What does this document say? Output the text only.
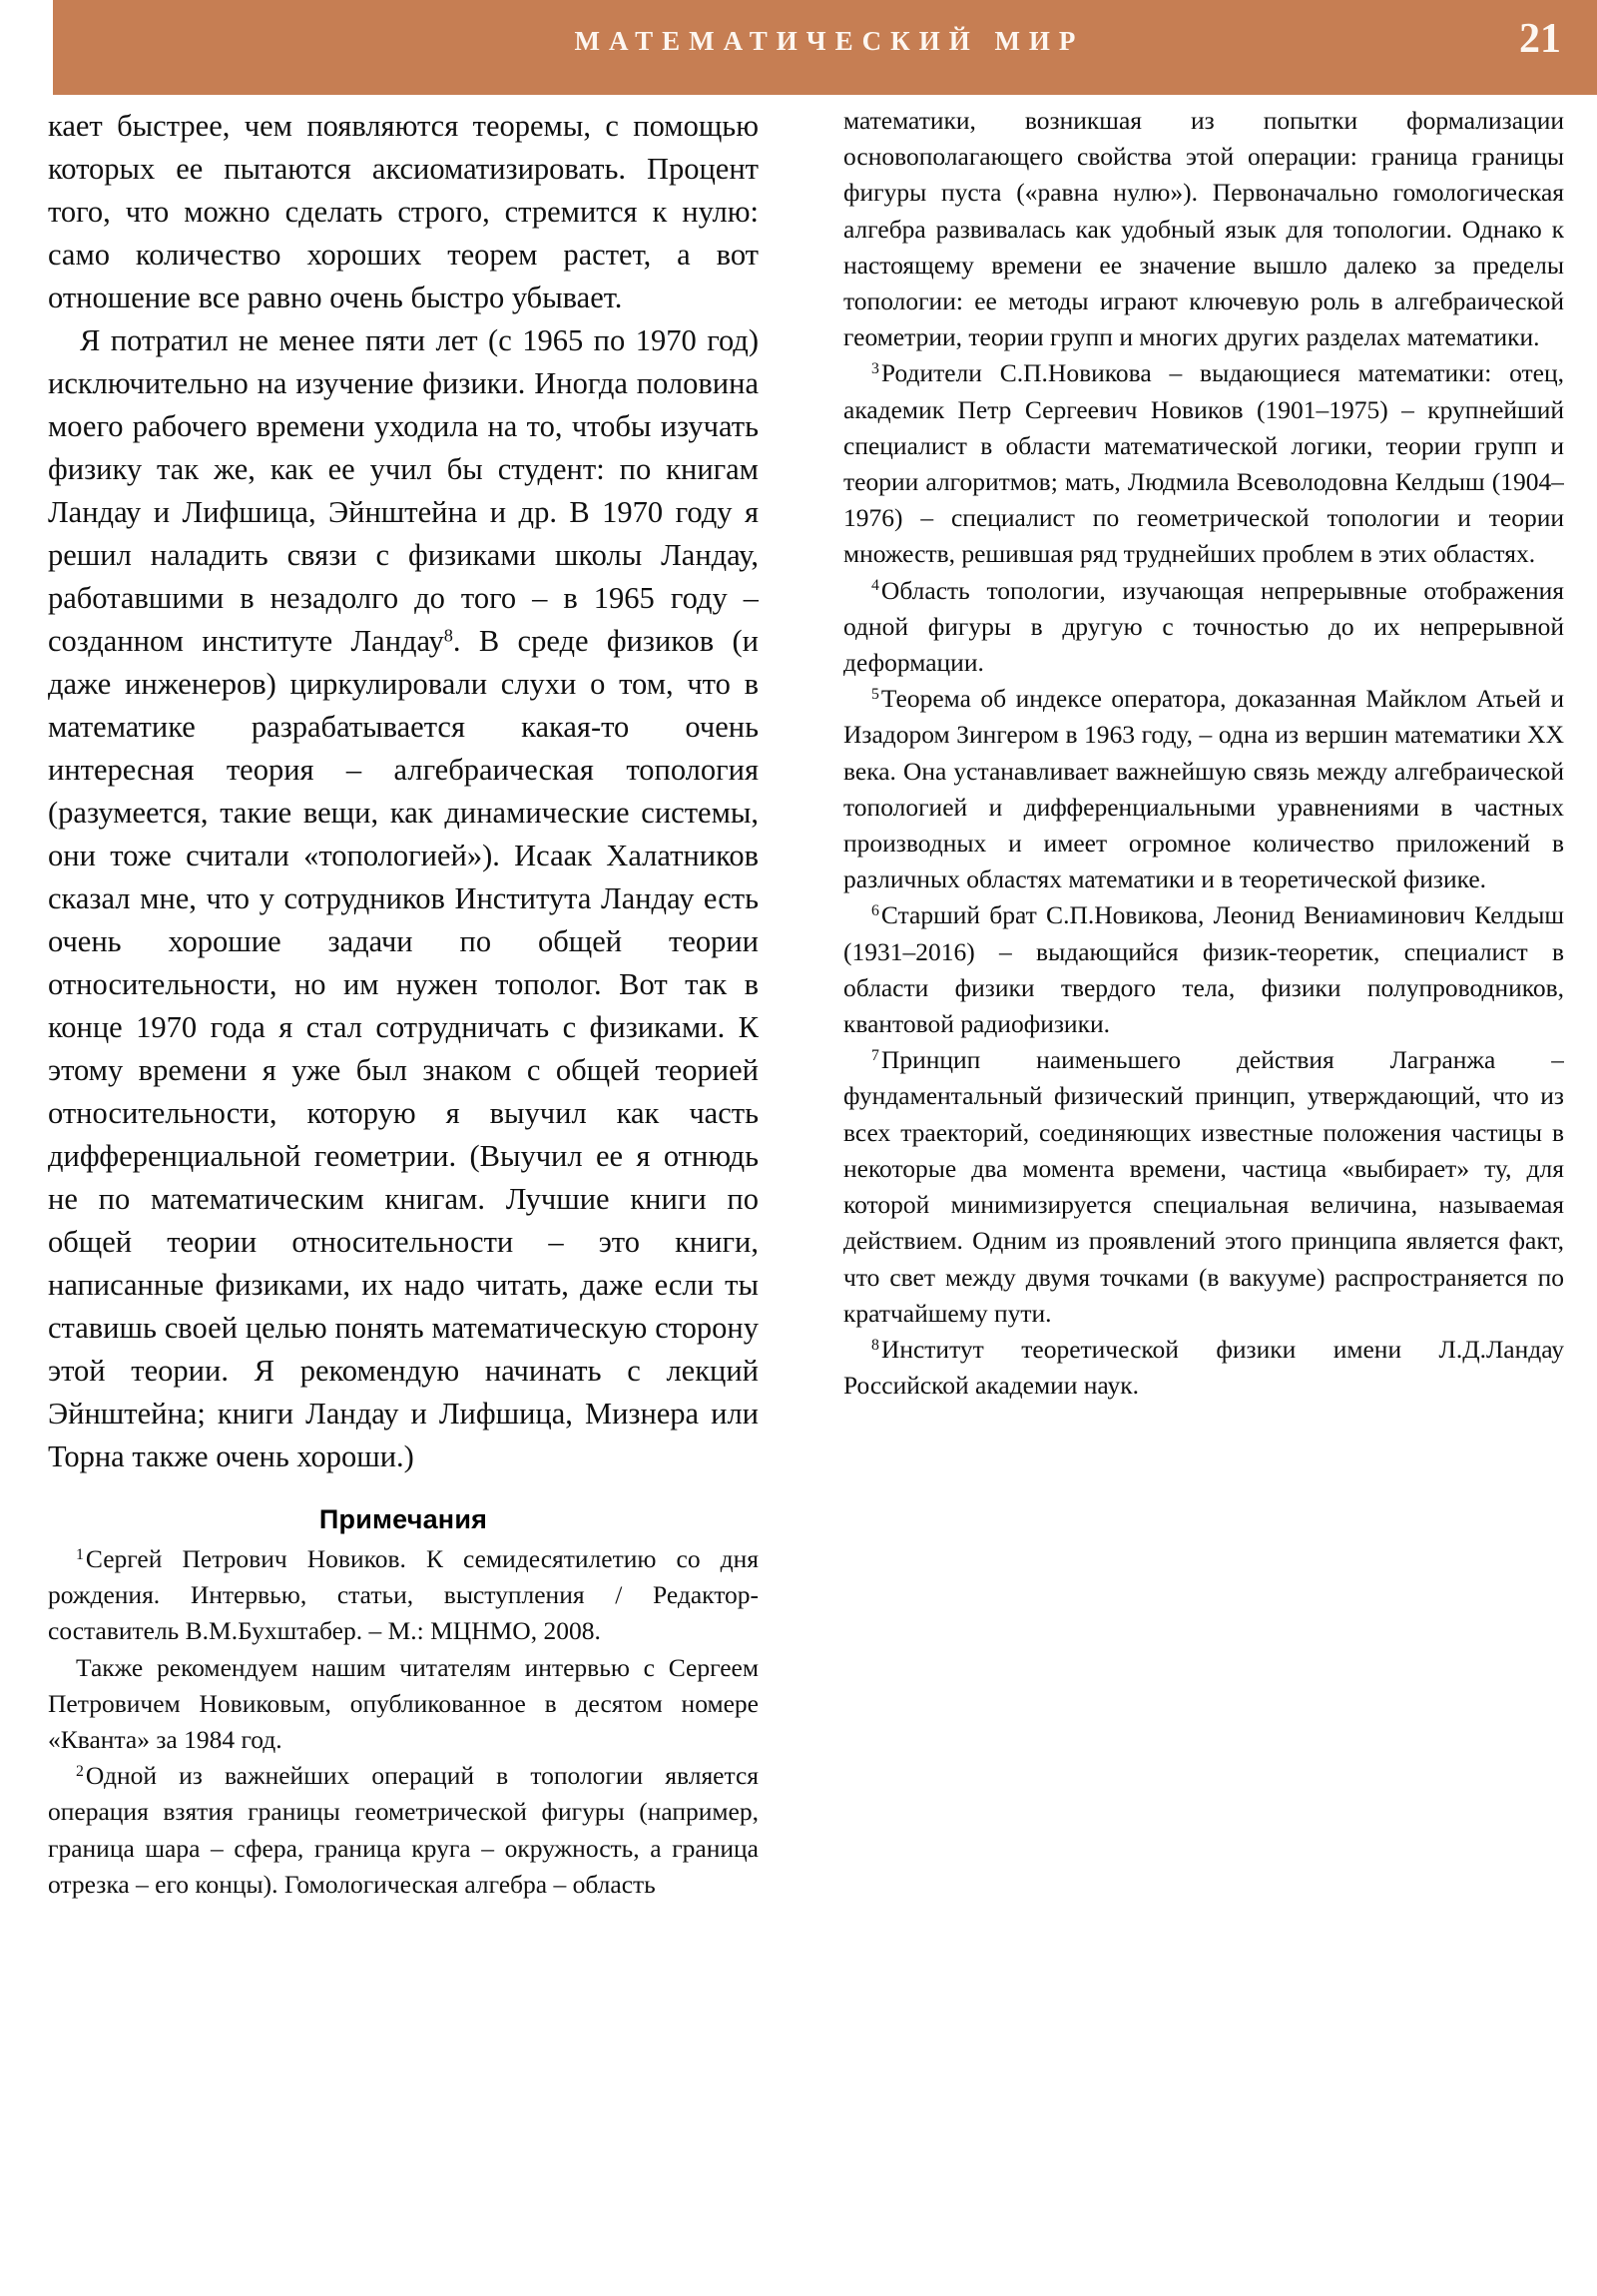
МАТЕМАТИЧЕСКИЙ МИР	21

кает быстрее, чем появляются теоремы, с помощью которых ее пытаются аксиоматизировать. Процент того, что можно сделать строго, стремится к нулю: само количество хороших теорем растет, а вот отношение все равно очень быстро убывает.

Я потратил не менее пяти лет (с 1965 по 1970 год) исключительно на изучение физики. Иногда половина моего рабочего времени уходила на то, чтобы изучать физику так же, как ее учил бы студент: по книгам Ландау и Лифшица, Эйнштейна и др. В 1970 году я решил наладить связи с физиками школы Ландау, работавшими в незадолго до того – в 1965 году – созданном институте Ландау$^8$. В среде физиков (и даже инженеров) циркулировали слухи о том, что в математике разрабатывается какая-то очень интересная теория – алгебраическая топология (разумеется, такие вещи, как динамические системы, они тоже считали «топологией»). Исаак Халатников сказал мне, что у сотрудников Института Ландау есть очень хорошие задачи по общей теории относительности, но им нужен тополог. Вот так в конце 1970 года я стал сотрудничать с физиками. К этому времени я уже был знаком с общей теорией относительности, которую я выучил как часть дифференциальной геометрии. (Выучил ее я отнюдь не по математическим книгам. Лучшие книги по общей теории относительности – это книги, написанные физиками, их надо читать, даже если ты ставишь своей целью понять математическую сторону этой теории. Я рекомендую начинать с лекций Эйнштейна; книги Ландау и Лифшица, Мизнера или Торна также очень хороши.)

Примечания

$^1$Сергей Петрович Новиков. К семидесятилетию со дня рождения. Интервью, статьи, выступления / Редактор-составитель В.М.Бухштабер. – М.: МЦНМО, 2008.

Также рекомендуем нашим читателям интервью с Сергеем Петровичем Новиковым, опубликованное в десятом номере «Кванта» за 1984 год.

$^2$Одной из важнейших операций в топологии является операция взятия границы геометрической фигуры (например, граница шара – сфера, граница круга – окружность, а граница отрезка – его концы). Гомологическая алгебра – область

математики, возникшая из попытки формализации основополагающего свойства этой операции: граница границы фигуры пуста («равна нулю»). Первоначально гомологическая алгебра развивалась как удобный язык для топологии. Однако к настоящему времени ее значение вышло далеко за пределы топологии: ее методы играют ключевую роль в алгебраической геометрии, теории групп и многих других разделах математики.

$^3$Родители С.П.Новикова – выдающиеся математики: отец, академик Петр Сергеевич Новиков (1901–1975) – крупнейший специалист в области математической логики, теории групп и теории алгоритмов; мать, Людмила Всеволодовна Келдыш (1904–1976) – специалист по геометрической топологии и теории множеств, решившая ряд труднейших проблем в этих областях.

$^4$Область топологии, изучающая непрерывные отображения одной фигуры в другую с точностью до их непрерывной деформации.

$^5$Теорема об индексе оператора, доказанная Майклом Атьей и Изадором Зингером в 1963 году, – одна из вершин математики XX века. Она устанавливает важнейшую связь между алгебраической топологией и дифференциальными уравнениями в частных производных и имеет огромное количество приложений в различных областях математики и в теоретической физике.

$^6$Старший брат С.П.Новикова, Леонид Вениаминович Келдыш (1931–2016) – выдающийся физик-теоретик, специалист в области физики твердого тела, физики полупроводников, квантовой радиофизики.

$^7$Принцип наименьшего действия Лагранжа – фундаментальный физический принцип, утверждающий, что из всех траекторий, соединяющих известные положения частицы в некоторые два момента времени, частица «выбирает» ту, для которой минимизируется специальная величина, называемая действием. Одним из проявлений этого принципа является факт, что свет между двумя точками (в вакууме) распространяется по кратчайшему пути.

$^8$Институт теоретической физики имени Л.Д.Ландау Российской академии наук.
